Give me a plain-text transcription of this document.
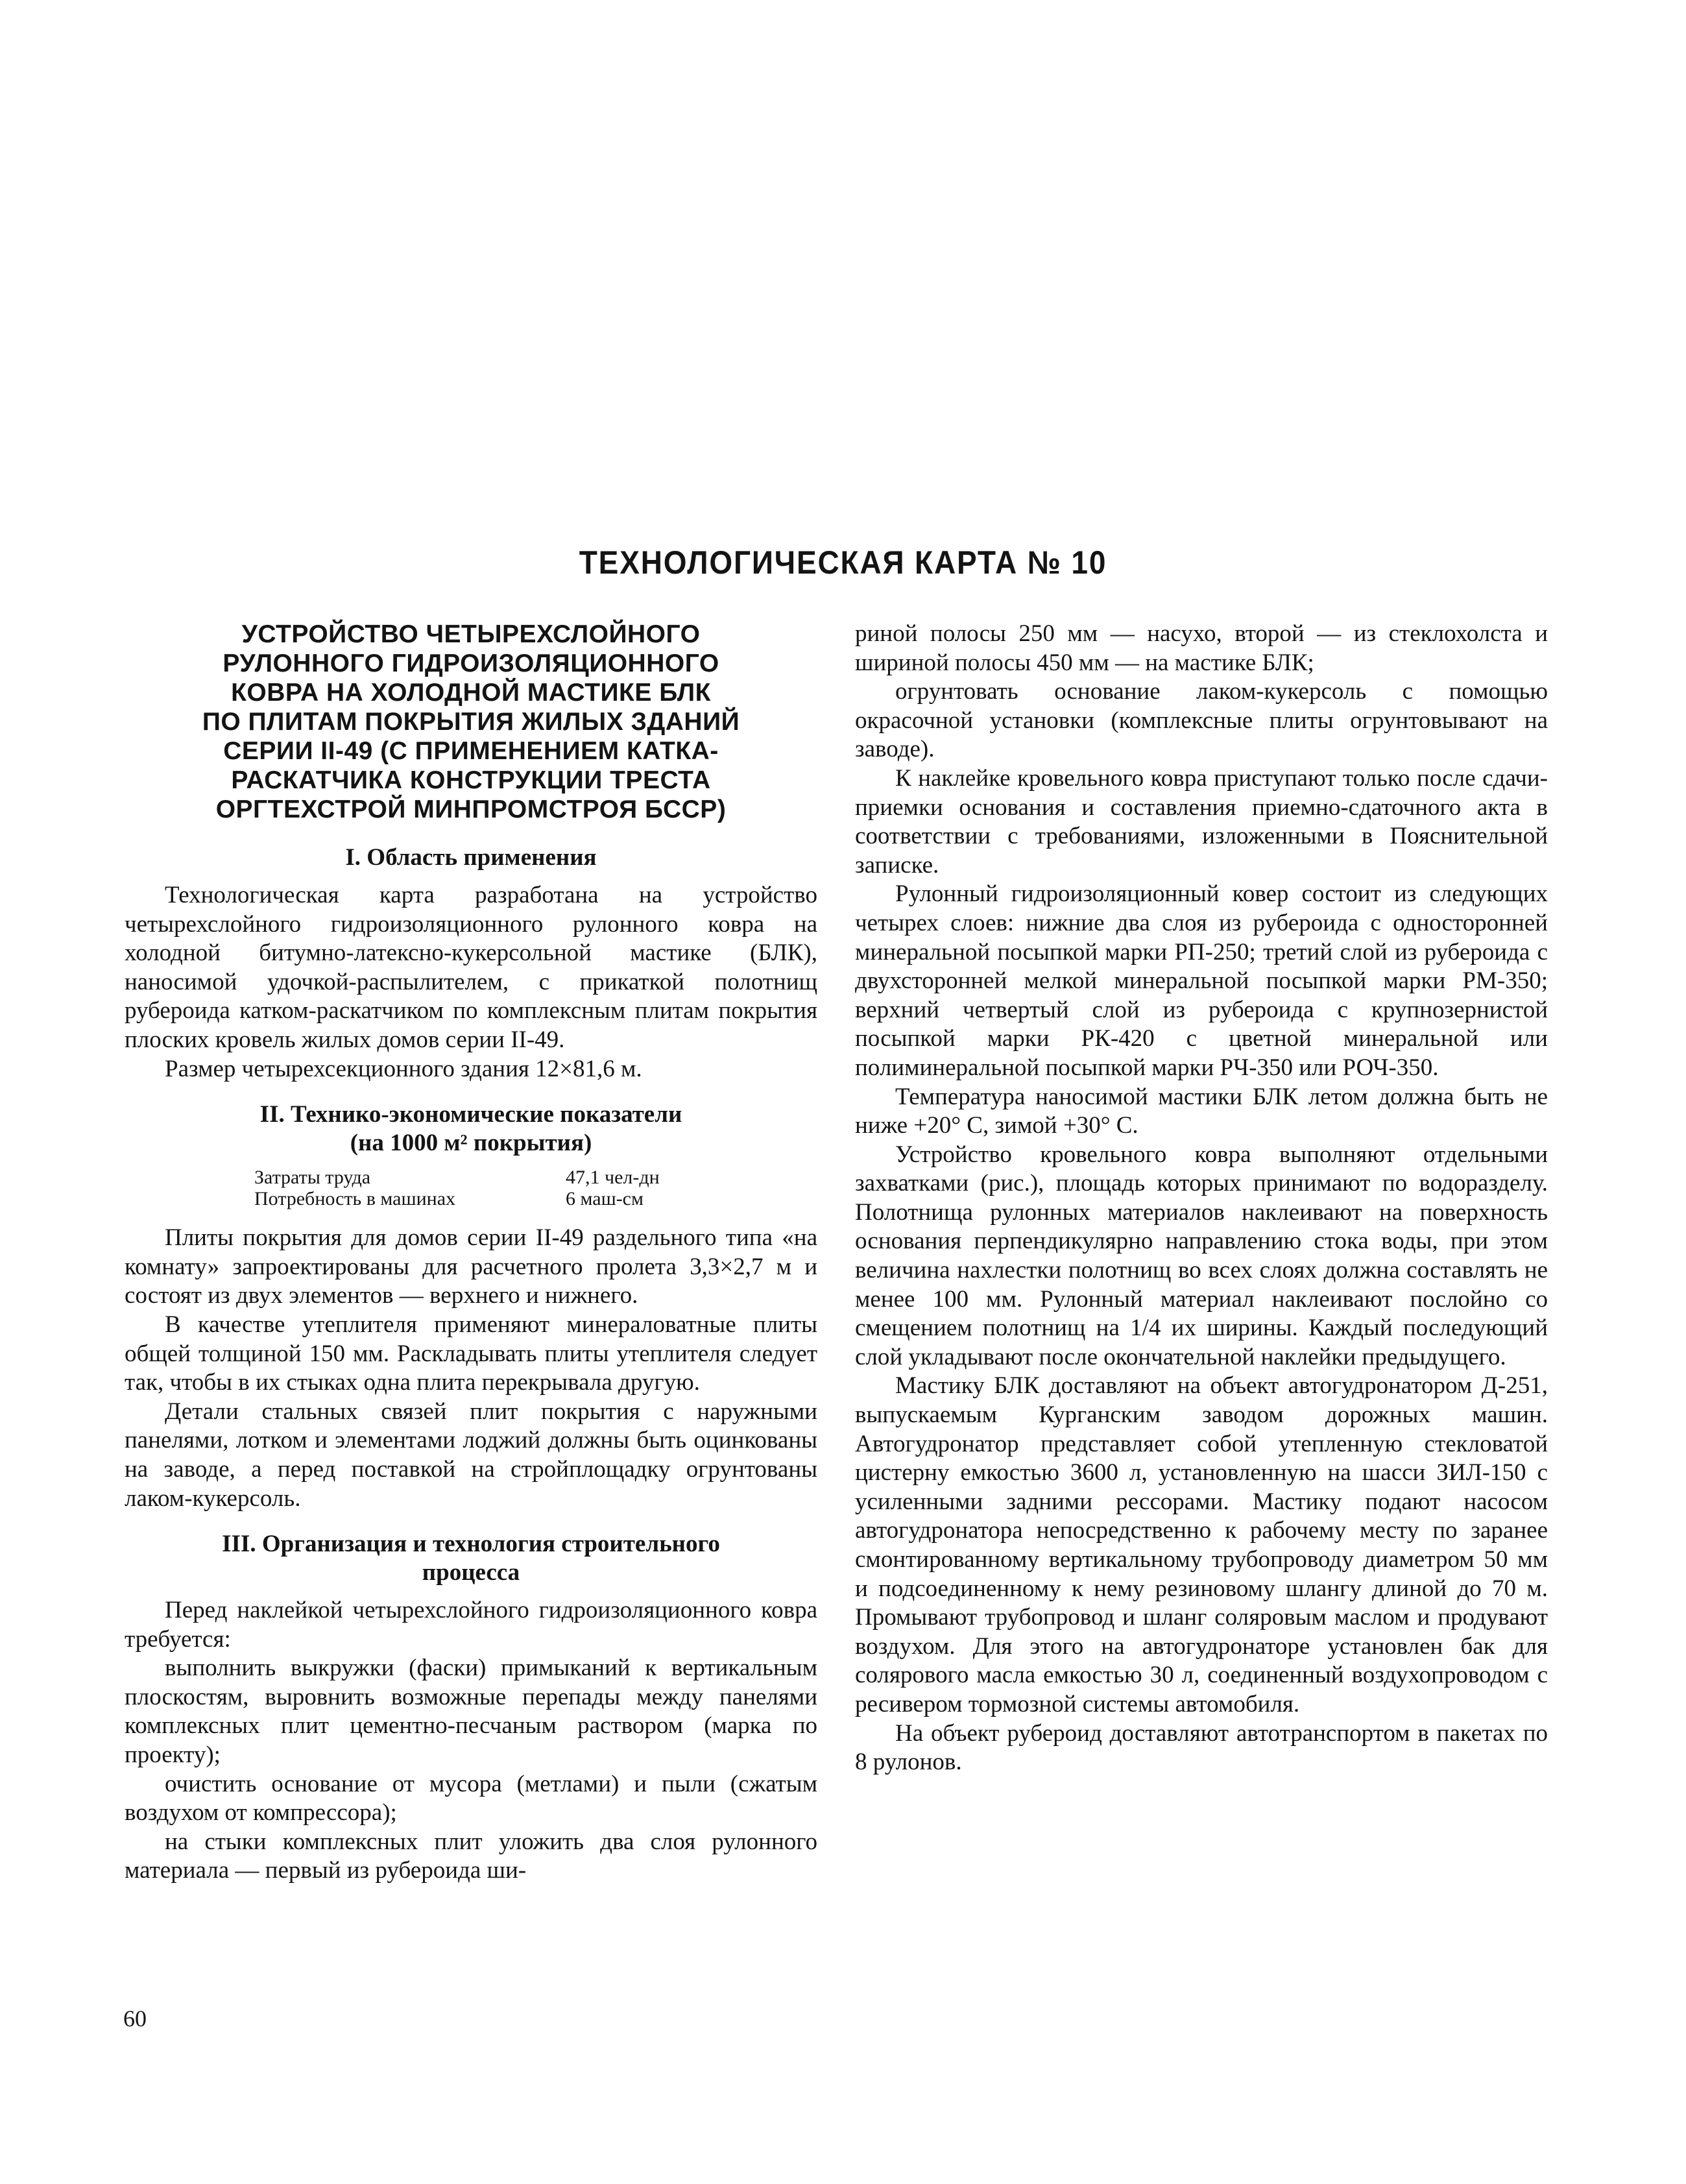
ТЕХНОЛОГИЧЕСКАЯ КАРТА № 10
УСТРОЙСТВО ЧЕТЫРЕХСЛОЙНОГО
РУЛОННОГО ГИДРОИЗОЛЯЦИОННОГО
КОВРА НА ХОЛОДНОЙ МАСТИКЕ БЛК
ПО ПЛИТАМ ПОКРЫТИЯ ЖИЛЫХ ЗДАНИЙ
СЕРИИ II-49 (С ПРИМЕНЕНИЕМ КАТКА-
РАСКАТЧИКА КОНСТРУКЦИИ ТРЕСТА
ОРГТЕХСТРОЙ МИНПРОМСТРОЯ БССР)
I. Область применения

Технологическая карта разработана на устройство четырехслойного гидроизоляционного рулонного ковра на холодной битумно-латексно-кукерсольной мастике (БЛК), наносимой удочкой-распылителем, с прикаткой полотнищ рубероида катком-раскатчиком по комплексным плитам покрытия плоских кровель жилых домов серии II-49.

Размер четырехсекционного здания 12×81,6 м.

II. Технико-экономические показатели
(на 1000 м² покрытия)
Затраты труда	47,1 чел-дн
Потребность в машинах	6 маш-см

Плиты покрытия для домов серии II-49 раздельного типа «на комнату» запроектированы для расчетного пролета 3,3×2,7 м и состоят из двух элементов — верхнего и нижнего.

В качестве утеплителя применяют минераловатные плиты общей толщиной 150 мм. Раскладывать плиты утеплителя следует так, чтобы в их стыках одна плита перекрывала другую.

Детали стальных связей плит покрытия с наружными панелями, лотком и элементами лоджий должны быть оцинкованы на заводе, а перед поставкой на стройплощадку огрунтованы лаком-кукерсоль.

III. Организация и технология строительного
процесса

Перед наклейкой четырехслойного гидроизоляционного ковра требуется:

выполнить выкружки (фаски) примыканий к вертикальным плоскостям, выровнить возможные перепады между панелями комплексных плит цементно-песчаным раствором (марка по проекту);

очистить основание от мусора (метлами) и пыли (сжатым воздухом от компрессора);

на стыки комплексных плит уложить два слоя рулонного материала — первый из рубероида ши-

риной полосы 250 мм — насухо, второй — из стеклохолста и шириной полосы 450 мм — на мастике БЛК;

огрунтовать основание лаком-кукерсоль с помощью окрасочной установки (комплексные плиты огрунтовывают на заводе).

К наклейке кровельного ковра приступают только после сдачи-приемки основания и составления приемно-сдаточного акта в соответствии с требованиями, изложенными в Пояснительной записке.

Рулонный гидроизоляционный ковер состоит из следующих четырех слоев: нижние два слоя из рубероида с односторонней минеральной посыпкой марки РП-250; третий слой из рубероида с двухсторонней мелкой минеральной посыпкой марки РМ-350; верхний четвертый слой из рубероида с крупнозернистой посыпкой марки РК-420 с цветной минеральной или полиминеральной посыпкой марки РЧ-350 или РОЧ-350.

Температура наносимой мастики БЛК летом должна быть не ниже +20° С, зимой +30° С.

Устройство кровельного ковра выполняют отдельными захватками (рис.), площадь которых принимают по водоразделу. Полотнища рулонных материалов наклеивают на поверхность основания перпендикулярно направлению стока воды, при этом величина нахлестки полотнищ во всех слоях должна составлять не менее 100 мм. Рулонный материал наклеивают послойно со смещением полотнищ на 1/4 их ширины. Каждый последующий слой укладывают после окончательной наклейки предыдущего.

Мастику БЛК доставляют на объект автогудронатором Д-251, выпускаемым Курганским заводом дорожных машин. Автогудронатор представляет собой утепленную стекловатой цистерну емкостью 3600 л, установленную на шасси ЗИЛ-150 с усиленными задними рессорами. Мастику подают насосом автогудронатора непосредственно к рабочему месту по заранее смонтированному вертикальному трубопроводу диаметром 50 мм и подсоединенному к нему резиновому шлангу длиной до 70 м. Промывают трубопровод и шланг соляровым маслом и продувают воздухом. Для этого на автогудронаторе установлен бак для солярового масла емкостью 30 л, соединенный воздухопроводом с ресивером тормозной системы автомобиля.

На объект рубероид доставляют автотранспортом в пакетах по 8 рулонов.

60
